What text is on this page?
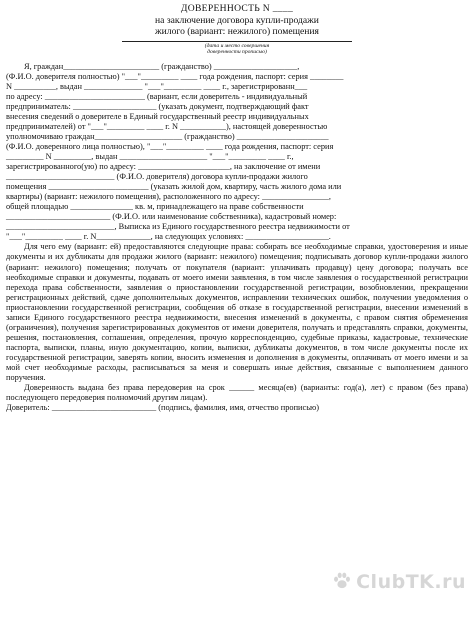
ДОВЕРЕННОСТЬ N ____
на заключение договора купли-продажи
жилого (вариант: нежилого) помещения
(дата и место совершения
доверенности прописью)

Я, граждан_______________________ (гражданство) ____________________,

(Ф.И.О. доверителя полностью) "___"_________ ____ года рождения, паспорт: серия ________

N __________, выдан ______________ "___"_________ ____ г., зарегистрированн___

по адресу: ________________________ (вариант, если доверитель - индивидуальный

предприниматель: ____________________ (указать документ, подтверждающий факт

внесения сведений о доверителе в Единый государственный реестр индивидуальных

предпринимателей) от "___"_________ ____ г. N ___________), настоящей доверенностью

уполномочиваю граждан_____________________ (гражданство) ______________________

(Ф.И.О. доверенного лица полностью), "___"_________ ____ года рождения, паспорт: серия

_________ N _________, выдан _____________________ "___"_________ ____ г.,

зарегистрированного(ую) по адресу: ______________________, на заключение от имени

__________________________ (Ф.И.О. доверителя) договора купли-продажи жилого

помещения ________________________ (указать жилой дом, квартиру, часть жилого дома или

квартиры) (вариант: нежилого помещения), расположенного по адресу: ________________,

общей площадью _______________ кв. м, принадлежащего на праве собственности

_________________________ (Ф.И.О. или наименование собственника), кадастровый номер:

__________________________, Выписка из Единого государственного реестра недвижимости от

"___"_________ ____ г. N_____________, на следующих условиях: ____________________.

Для чего ему (вариант: ей) предоставляются следующие права: собирать все необходимые справки, удостоверения и иные документы и их дубликаты для продажи жилого (вариант: нежилого) помещения; подписывать договор купли-продажи жилого (вариант: нежилого) помещения; получать от покупателя (вариант: уплачивать продавцу) цену договора; получать все необходимые справки и документы, подавать от моего имени заявления, в том числе заявления о государственной регистрации перехода права собственности, заявления о приостановлении государственной регистрации, возобновлении, прекращении регистрационных действий, сдаче дополнительных документов, исправлении технических ошибок, получении уведомления о приостановлении государственной регистрации, сообщения об отказе в государственной регистрации, внесении изменений в записи Единого государственного реестра недвижимости, внесения изменений в документы, с правом снятия обременения (ограничения), получения зарегистрированных документов от имени доверителя, получать и представлять справки, документы, решения, постановления, соглашения, определения, прочую корреспонденцию, судебные приказы, кадастровые, технические паспорта, выписки, планы, иную документацию, копии, выписки, дубликаты документов, в том числе документы после их государственной регистрации, заверять копии, вносить изменения и дополнения в документы, оплачивать от моего имени и за мой счет необходимые расходы, расписываться за меня и совершать иные действия, связанные с выполнением данного поручения.

Доверенность выдана без права передоверия на срок ______ месяца(ев) (варианты: год(а), лет) с правом (без права) последующего передоверия полномочий другим лицам).

Доверитель: _________________________ (подпись, фамилия, имя, отчество прописью)

ClubTK.ru
